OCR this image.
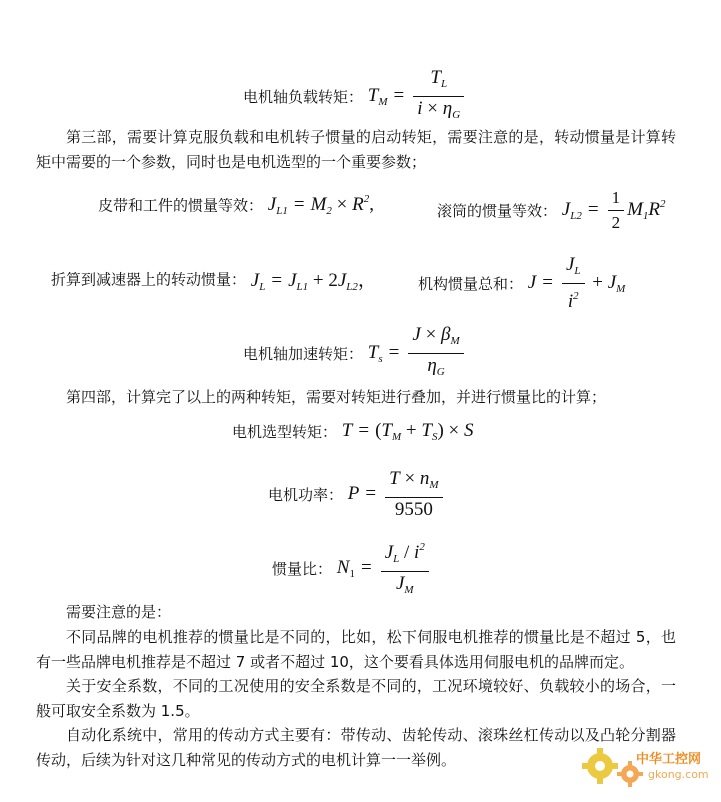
电机轴负载转矩： $T_M = \frac{T_L}{i \times \eta_G}$
第三部，需要计算克服负载和电机转子惯量的启动转矩，需要注意的是，转动惯量是计算转矩中需要的一个参数，同时也是电机选型的一个重要参数；
皮带和工件的惯量等效： $J_{L1} = M_2 \times R^2$,	滚筒的惯量等效： $J_{L2} = \frac{1}{2} M_1R^2$
折算到减速器上的转动惯量： $J_L = J_{L1} + 2J_{L2}$，	机构惯量总和： $J = \frac{J_L}{i^2} + J_M$
电机轴加速转矩： $T_s = \frac{J \times \beta_M}{\eta_G}$
第四部，计算完了以上的两种转矩，需要对转矩进行叠加，并进行惯量比的计算；
电机选型转矩： $T = (T_M + T_S) \times S$
电机功率： $P = \frac{T \times n_M}{9550}$
惯量比： $N_1 = \frac{J_L / i^2}{J_M}$
需要注意的是：
不同品牌的电机推荐的惯量比是不同的，比如，松下伺服电机推荐的惯量比是不超过 5，也有一些品牌电机推荐是不超过 7 或者不超过 10，这个要看具体选用伺服电机的品牌而定。
关于安全系数，不同的工况使用的安全系数是不同的，工况环境较好、负载较小的场合，一般可取安全系数为 1.5。
自动化系统中，常用的传动方式主要有：带传动、齿轮传动、滚珠丝杠传动以及凸轮分割器传动，后续为针对这几种常见的传动方式的电机计算一一举例。	中华工控网
gkong.com
